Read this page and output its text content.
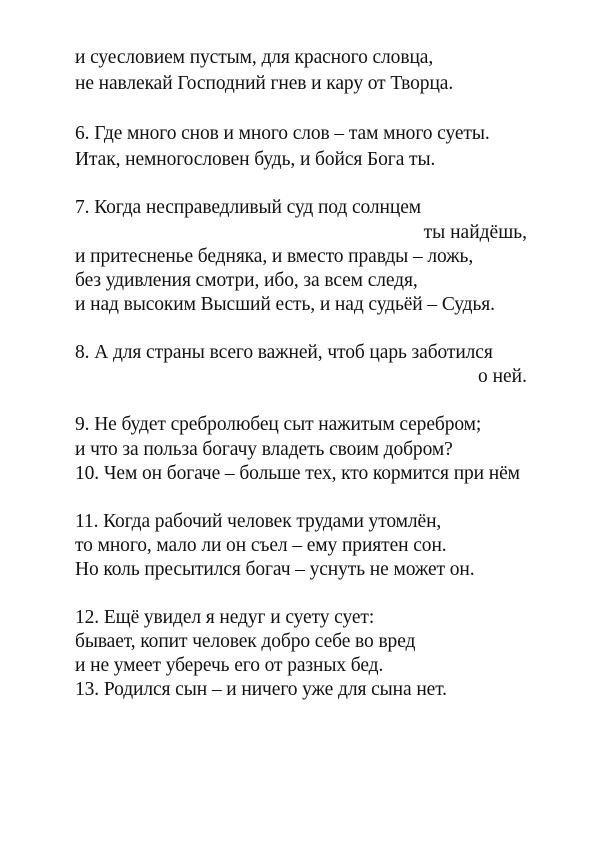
и суесловием пустым, для красного словца,
не навлекай Господний гнев и кару от Творца.
6. Где много снов и много слов – там много суеты.
Итак, немногословен будь, и бойся Бога ты.
7. Когда несправедливый суд под солнцем
ты найдёшь,
и притесненье бедняка, и вместо правды – ложь,
без удивления смотри, ибо, за всем следя,
и над высоким Высший есть, и над судьёй – Судья.
8. А для страны всего важней, чтоб царь заботился
о ней.
9. Не будет сребролюбец сыт нажитым серебром;
и что за польза богачу владеть своим добром?
10. Чем он богаче – больше тех, кто кормится при нём
11. Когда рабочий человек трудами утомлён,
то много, мало ли он съел – ему приятен сон.
Но коль пресытился богач – уснуть не может он.
12. Ещё увидел я недуг и суету сует:
бывает, копит человек добро себе во вред
и не умеет уберечь его от разных бед.
13. Родился сын – и ничего уже для сына нет.
